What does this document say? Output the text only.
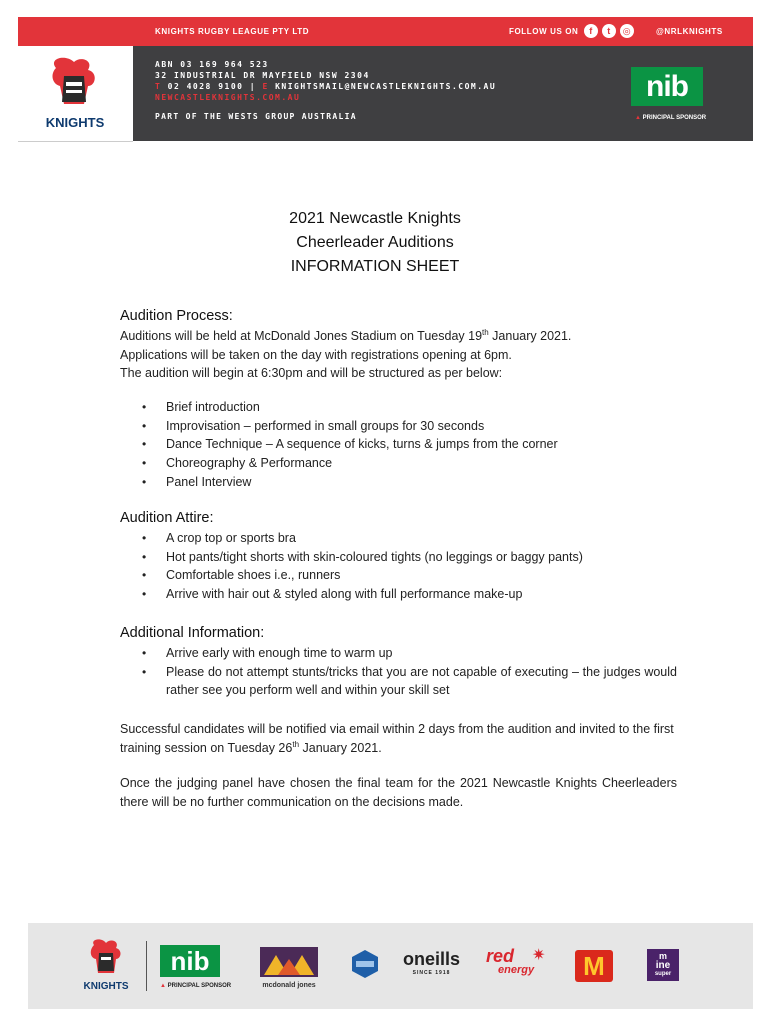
KNIGHTS RUGBY LEAGUE PTY LTD	FOLLOW US ON	f	t	◎	@NRLKNIGHTS
KNIGHTS
ABN 03 169 964 523
32 INDUSTRIAL DR MAYFIELD NSW 2304
T 02 4028 9100 | E KNIGHTSMAIL@NEWCASTLEKNIGHTS.COM.AU
NEWCASTLEKNIGHTS.COM.AU
PART OF THE WESTS GROUP AUSTRALIA
nib
▲ PRINCIPAL SPONSOR
2021 Newcastle Knights
Cheerleader Auditions
INFORMATION SHEET
Audition Process:
Auditions will be held at McDonald Jones Stadium on Tuesday 19th January 2021.
Applications will be taken on the day with registrations opening at 6pm.
The audition will begin at 6:30pm and will be structured as per below:
• Brief introduction
• Improvisation – performed in small groups for 30 seconds
• Dance Technique – A sequence of kicks, turns & jumps from the corner
• Choreography & Performance
• Panel Interview
Audition Attire:
• A crop top or sports bra
• Hot pants/tight shorts with skin-coloured tights (no leggings or baggy pants)
• Comfortable shoes i.e., runners
• Arrive with hair out & styled along with full performance make-up
Additional Information:
• Arrive early with enough time to warm up
• Please do not attempt stunts/tricks that you are not capable of executing – the judges would rather see you perform well and within your skill set
Successful candidates will be notified via email within 2 days from the audition and invited to the first training session on Tuesday 26th January 2021.
Once the judging panel have chosen the final team for the 2021 Newcastle Knights Cheerleaders there will be no further communication on the decisions made.
KNIGHTS
nib
▲ PRINCIPAL SPONSOR	mcdonald jones
oneills
SINCE 1918
red
energy
✷	M	m
ine
super
